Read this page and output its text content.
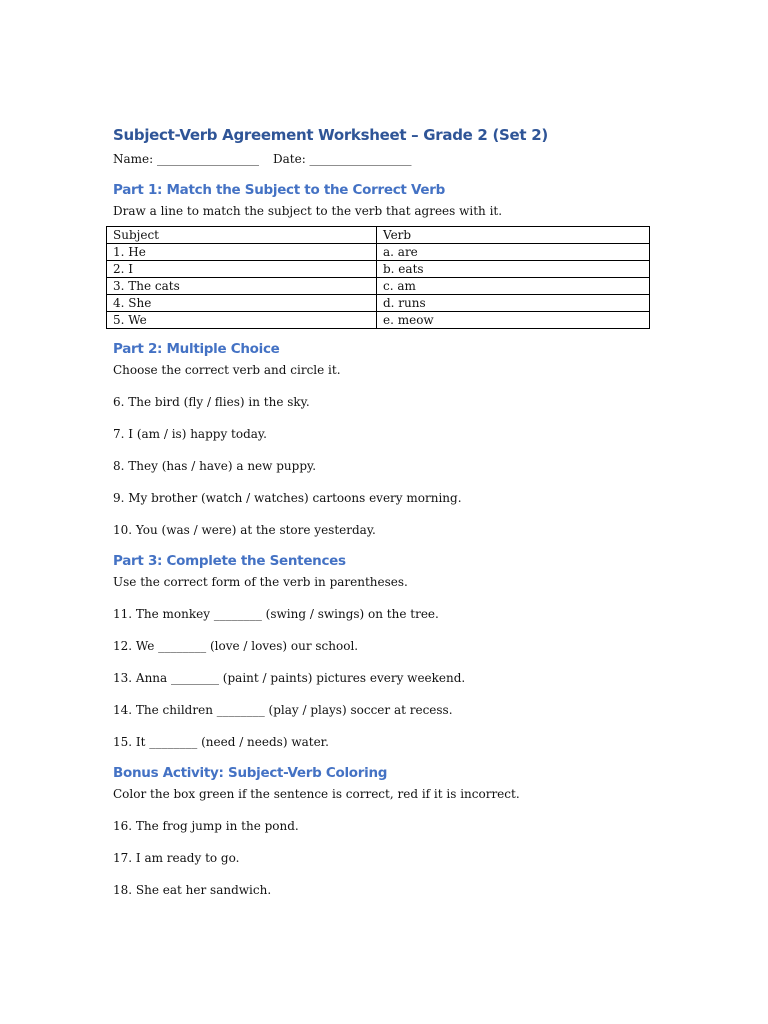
Subject-Verb Agreement Worksheet – Grade 2 (Set 2)
Name: _________________ Date: _________________
Part 1: Match the Subject to the Correct Verb
Draw a line to match the subject to the verb that agrees with it.
Subject	Verb
1. He	a. are
2. I	b. eats
3. The cats	c. am
4. She	d. runs
5. We	e. meow
Part 2: Multiple Choice
Choose the correct verb and circle it.
6. The bird (fly / flies) in the sky.
7. I (am / is) happy today.
8. They (has / have) a new puppy.
9. My brother (watch / watches) cartoons every morning.
10. You (was / were) at the store yesterday.
Part 3: Complete the Sentences
Use the correct form of the verb in parentheses.
11. The monkey ________ (swing / swings) on the tree.
12. We ________ (love / loves) our school.
13. Anna ________ (paint / paints) pictures every weekend.
14. The children ________ (play / plays) soccer at recess.
15. It ________ (need / needs) water.
Bonus Activity: Subject-Verb Coloring
Color the box green if the sentence is correct, red if it is incorrect.
16. The frog jump in the pond.
17. I am ready to go.
18. She eat her sandwich.
